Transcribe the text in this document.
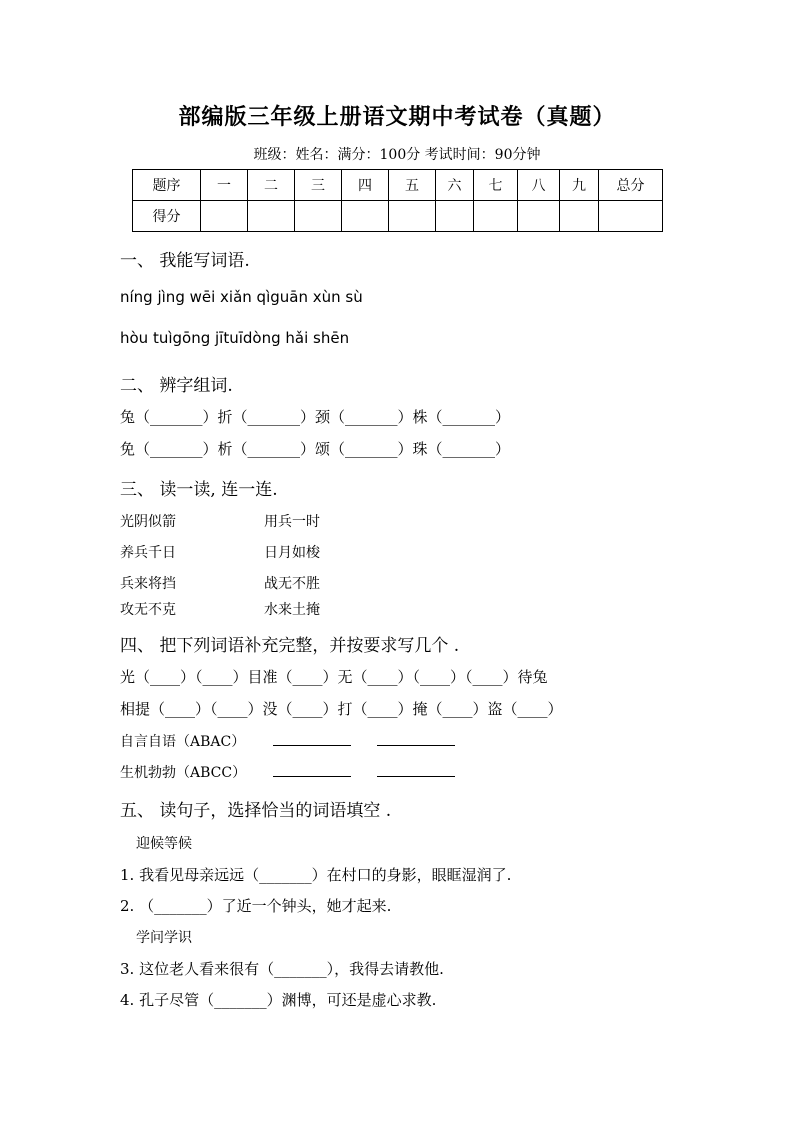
部编版三年级上册语文期中考试卷（真题）
班级：姓名：满分：100分 考试时间：90分钟
题序	一	二	三	四	五	六	七	八	九	总分
得分										
一、 我能写词语.
níng jìng wēi xiǎn qìguān xùn sù
hòu tuìgōng jītuīdòng hǎi shēn
二、 辨字组词.
兔（_______）折（_______）颈（_______）株（_______）
免（_______）析（_______）颂（_______）珠（_______）
三、 读一读, 连一连.
光阴似箭	用兵一时
养兵千日	日月如梭
兵来将挡	战无不胜
攻无不克	水来土掩
四、 把下列词语补充完整，并按要求写几个 .
光（____）（____）目准（____）无（____）（____）（____）待兔
相提（____）（____）没（____）打（____）掩（____）盗（____）
自言自语（ABAC）
生机勃勃（ABCC）
五、 读句子，选择恰当的词语填空 .
迎候等候
1. 我看见母亲远远（_______）在村口的身影，眼眶湿润了.
2. （_______）了近一个钟头，她才起来.
学问学识
3. 这位老人看来很有（_______），我得去请教他.
4. 孔子尽管（_______）渊博，可还是虚心求教.
